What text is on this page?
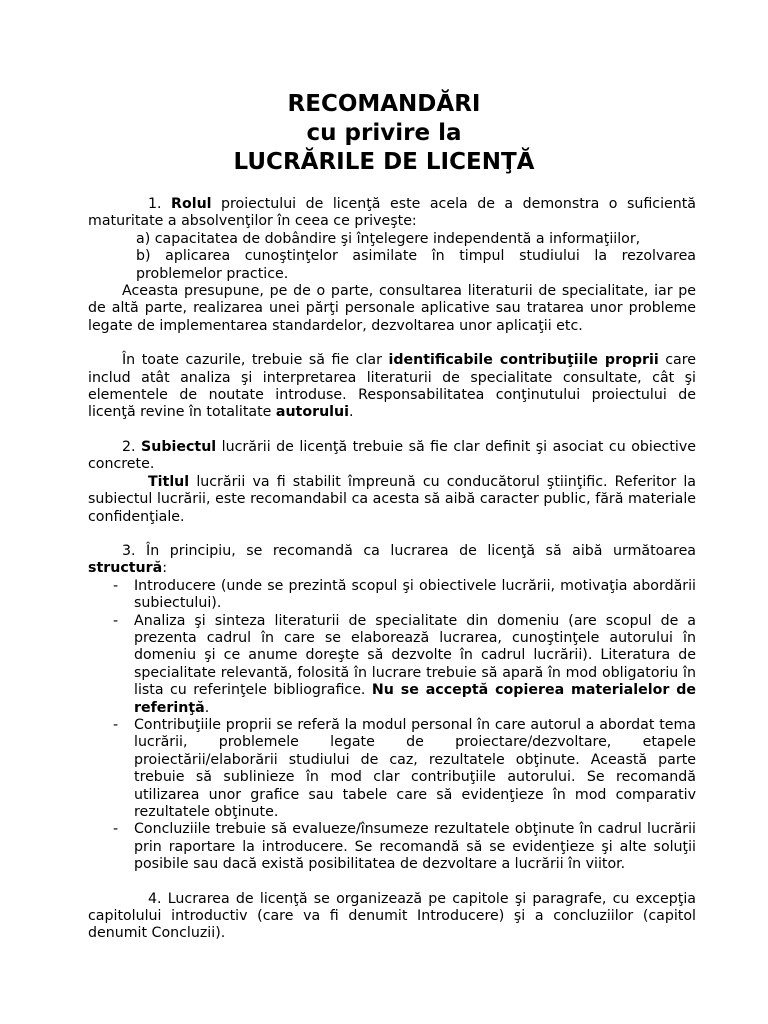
RECOMANDĂRI
cu privire la
LUCRĂRILE DE LICENŢĂ

1. Rolul proiectului de licenţă este acela de a demonstra o suficientă maturitate a absolvenţilor în ceea ce priveşte:

a) capacitatea de dobândire şi înţelegere independentă a informaţiilor,

b) aplicarea cunoştinţelor asimilate în timpul studiului la rezolvarea problemelor practice.

Aceasta presupune, pe de o parte, consultarea literaturii de specialitate, iar pe de altă parte, realizarea unei părţi personale aplicative sau tratarea unor probleme legate de implementarea standardelor, dezvoltarea unor aplicaţii etc.

În toate cazurile, trebuie să fie clar identificabile contribuţiile proprii care includ atât analiza şi interpretarea literaturii de specialitate consultate, cât şi elementele de noutate introduse. Responsabilitatea conţinutului proiectului de licenţă revine în totalitate autorului.

2. Subiectul lucrării de licenţă trebuie să fie clar definit şi asociat cu obiective concrete.

Titlul lucrării va fi stabilit împreună cu conducătorul ştiinţific. Referitor la subiectul lucrării, este recomandabil ca acesta să aibă caracter public, fără materiale confidenţiale.

3. În principiu, se recomandă ca lucrarea de licenţă să aibă următoarea structură:

- Introducere (unde se prezintă scopul şi obiectivele lucrării, motivaţia abordării subiectului).
- Analiza şi sinteza literaturii de specialitate din domeniu (are scopul de a prezenta cadrul în care se elaborează lucrarea, cunoştinţele autorului în domeniu şi ce anume doreşte să dezvolte în cadrul lucrării). Literatura de specialitate relevantă, folosită în lucrare trebuie să apară în mod obligatoriu în lista cu referinţele bibliografice. Nu se acceptă copierea materialelor de referinţă.
- Contribuţiile proprii se referă la modul personal în care autorul a abordat tema lucrării, problemele legate de proiectare/dezvoltare, etapele proiectării/elaborării studiului de caz, rezultatele obţinute. Această parte trebuie să sublinieze în mod clar contribuţiile autorului. Se recomandă utilizarea unor grafice sau tabele care să evidenţieze în mod comparativ rezultatele obţinute.
- Concluziile trebuie să evalueze/însumeze rezultatele obţinute în cadrul lucrării prin raportare la introducere. Se recomandă să se evidenţieze şi alte soluţii posibile sau dacă există posibilitatea de dezvoltare a lucrării în viitor.

4. Lucrarea de licenţă se organizează pe capitole şi paragrafe, cu excepţia capitolului introductiv (care va fi denumit Introducere) şi a concluziilor (capitol denumit Concluzii).
